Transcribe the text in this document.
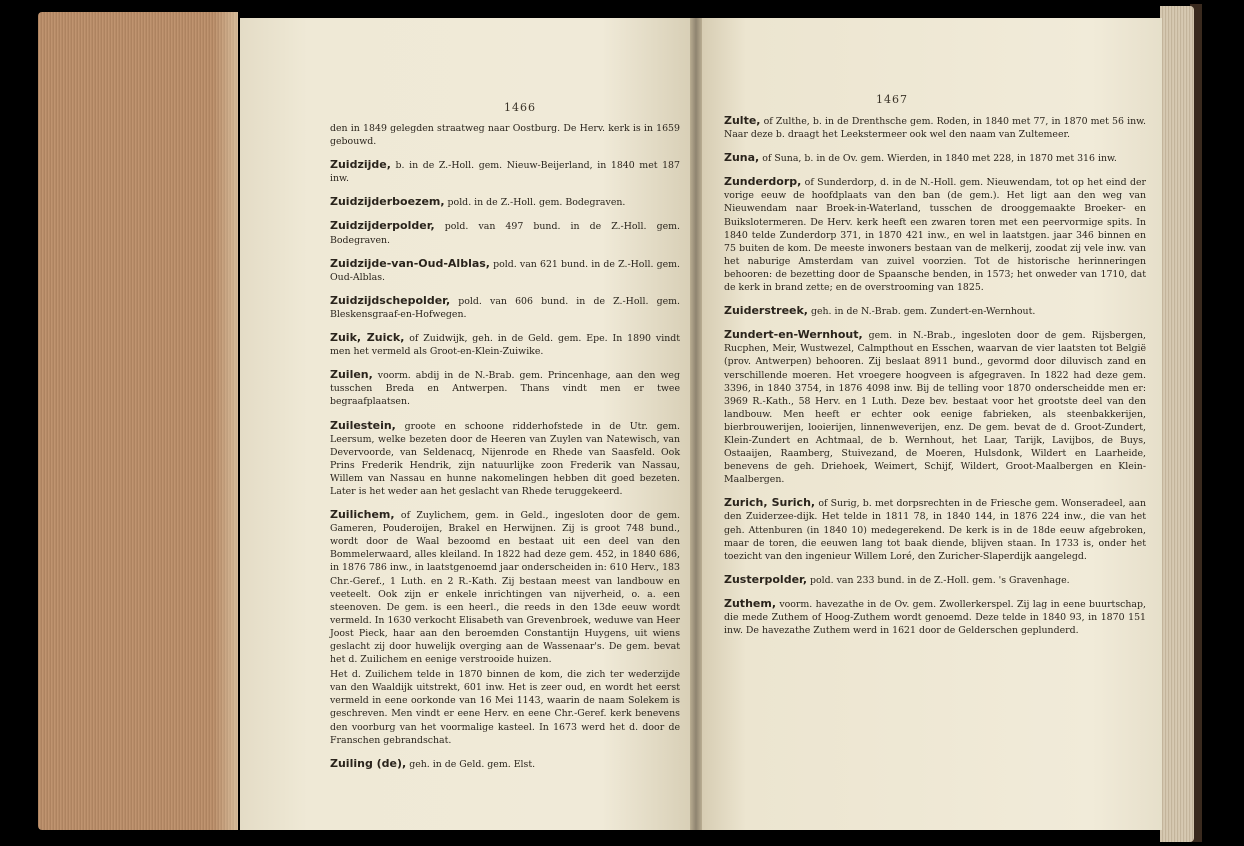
1466
1467
den in 1849 gelegden straatweg naar Oostburg. De Herv. kerk is in 1659 gebouwd.
Zuidzijde, b. in de Z.-Holl. gem. Nieuw-Beijerland, in 1840 met 187 inw.
Zuidzijderboezem, pold. in de Z.-Holl. gem. Bodegraven.
Zuidzijderpolder, pold. van 497 bund. in de Z.-Holl. gem. Bodegraven.
Zuidzijde-van-Oud-Alblas, pold. van 621 bund. in de Z.-Holl. gem. Oud-Alblas.
Zuidzijdschepolder, pold. van 606 bund. in de Z.-Holl. gem. Bleskensgraaf-en-Hofwegen.
Zuik, Zuick, of Zuidwijk, geh. in de Geld. gem. Epe. In 1890 vindt men het vermeld als Groot-en-Klein-Zuiwike.
Zuilen, voorm. abdij in de N.-Brab. gem. Princenhage, aan den weg tusschen Breda en Antwerpen. Thans vindt men er twee begraafplaatsen.
Zuilestein, groote en schoone ridderhofstede in de Utr. gem. Leersum, welke bezeten door de Heeren van Zuylen van Natewisch, van Devervoorde, van Seldenacq, Nijenrode en Rhede van Saasfeld. Ook Prins Frederik Hendrik, zijn natuurlijke zoon Frederik van Nassau, Willem van Nassau en hunne nakomelingen hebben dit goed bezeten. Later is het weder aan het geslacht van Rhede teruggekeerd.
Zuilichem, of Zuylichem, gem. in Geld., ingesloten door de gem. Gameren, Pouderoijen, Brakel en Herwijnen. Zij is groot 748 bund., wordt door de Waal bezoomd en bestaat uit een deel van den Bommelerwaard, alles kleiland. In 1822 had deze gem. 452, in 1840 686, in 1876 786 inw., in laatstgenoemd jaar onderscheiden in: 610 Herv., 183 Chr.-Geref., 1 Luth. en 2 R.-Kath. Zij bestaan meest van landbouw en veeteelt. Ook zijn er enkele inrichtingen van nijverheid, o. a. een steenoven. De gem. is een heerl., die reeds in den 13de eeuw wordt vermeld. In 1630 verkocht Elisabeth van Grevenbroek, weduwe van Heer Joost Pieck, haar aan den beroemden Constantijn Huygens, uit wiens geslacht zij door huwelijk overging aan de Wassenaar's. De gem. bevat het d. Zuilichem en eenige verstrooide huizen.
Het d. Zuilichem telde in 1870 binnen de kom, die zich ter wederzijde van den Waaldijk uitstrekt, 601 inw. Het is zeer oud, en wordt het eerst vermeld in eene oorkonde van 16 Mei 1143, waarin de naam Solekem is geschreven. Men vindt er eene Herv. en eene Chr.-Geref. kerk benevens den voorburg van het voormalige kasteel. In 1673 werd het d. door de Franschen gebrandschat.
Zuiling (de), geh. in de Geld. gem. Elst.
Zulte, of Zulthe, b. in de Drenthsche gem. Roden, in 1840 met 77, in 1870 met 56 inw. Naar deze b. draagt het Leekstermeer ook wel den naam van Zultemeer.
Zuna, of Suna, b. in de Ov. gem. Wierden, in 1840 met 228, in 1870 met 316 inw.
Zunderdorp, of Sunderdorp, d. in de N.-Holl. gem. Nieuwendam, tot op het eind der vorige eeuw de hoofdplaats van den ban (de gem.). Het ligt aan den weg van Nieuwendam naar Broek-in-Waterland, tusschen de drooggemaakte Broeker- en Buikslotermeren. De Herv. kerk heeft een zwaren toren met een peervormige spits. In 1840 telde Zunderdorp 371, in 1870 421 inw., en wel in laatstgen. jaar 346 binnen en 75 buiten de kom. De meeste inwoners bestaan van de melkerij, zoodat zij vele inw. van het naburige Amsterdam van zuivel voorzien. Tot de historische herinneringen behooren: de bezetting door de Spaansche benden, in 1573; het onweder van 1710, dat de kerk in brand zette; en de overstrooming van 1825.
Zuiderstreek, geh. in de N.-Brab. gem. Zundert-en-Wernhout.
Zundert-en-Wernhout, gem. in N.-Brab., ingesloten door de gem. Rijsbergen, Rucphen, Meir, Wustwezel, Calmpthout en Esschen, waarvan de vier laatsten tot België (prov. Antwerpen) behooren. Zij beslaat 8911 bund., gevormd door diluvisch zand en verschillende moeren. Het vroegere hoogveen is afgegraven. In 1822 had deze gem. 3396, in 1840 3754, in 1876 4098 inw. Bij de telling voor 1870 onderscheidde men er: 3969 R.-Kath., 58 Herv. en 1 Luth. Deze bev. bestaat voor het grootste deel van den landbouw. Men heeft er echter ook eenige fabrieken, als steenbakkerijen, bierbrouwerijen, looierijen, linnenweverijen, enz. De gem. bevat de d. Groot-Zundert, Klein-Zundert en Achtmaal, de b. Wernhout, het Laar, Tarijk, Lavijbos, de Buys, Ostaaijen, Raamberg, Stuivezand, de Moeren, Hulsdonk, Wildert en Laarheide, benevens de geh. Driehoek, Weimert, Schijf, Wildert, Groot-Maalbergen en Klein-Maalbergen.
Zurich, Surich, of Surig, b. met dorpsrechten in de Friesche gem. Wonseradeel, aan den Zuiderzee-dijk. Het telde in 1811 78, in 1840 144, in 1876 224 inw., die van het geh. Attenburen (in 1840 10) medegerekend. De kerk is in de 18de eeuw afgebroken, maar de toren, die eeuwen lang tot baak diende, blijven staan. In 1733 is, onder het toezicht van den ingenieur Willem Loré, den Zuricher-Slaperdijk aangelegd.
Zusterpolder, pold. van 233 bund. in de Z.-Holl. gem. 's Gravenhage.
Zuthem, voorm. havezathe in de Ov. gem. Zwollerkerspel. Zij lag in eene buurtschap, die mede Zuthem of Hoog-Zuthem wordt genoemd. Deze telde in 1840 93, in 1870 151 inw. De havezathe Zuthem werd in 1621 door de Gelderschen geplunderd.
